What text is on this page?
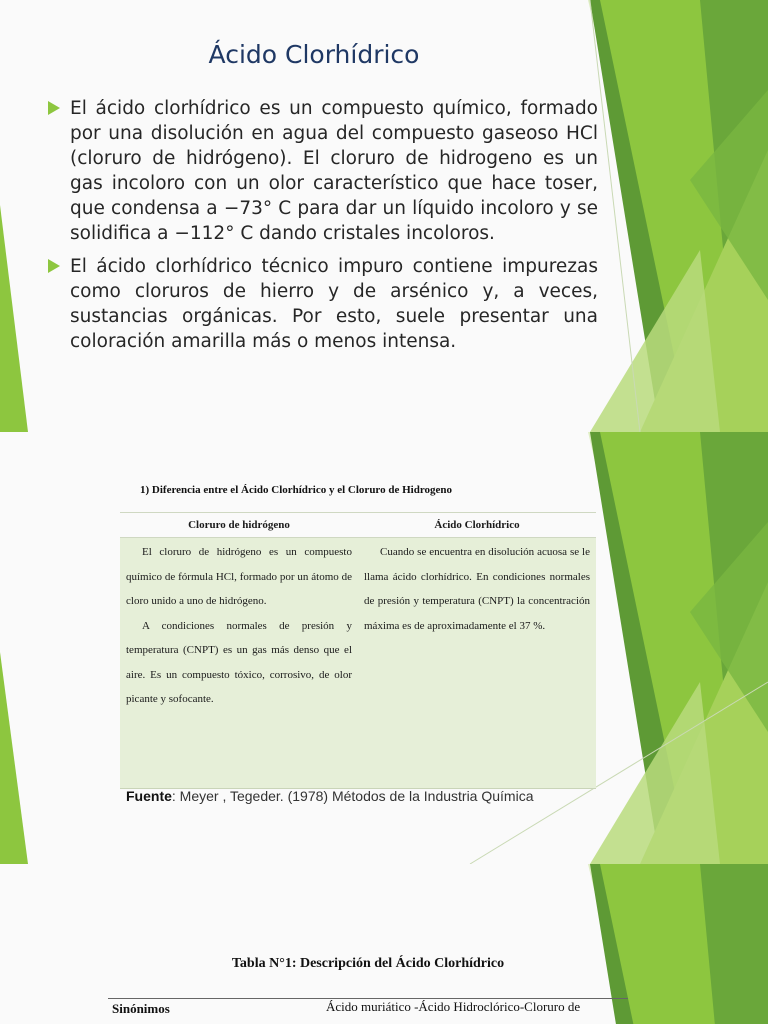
Ácido Clorhídrico
El ácido clorhídrico es un compuesto químico, formado por una disolución en agua del compuesto gaseoso HCl (cloruro de hidrógeno). El cloruro de hidrogeno es un gas incoloro con un olor característico que hace toser, que condensa a −73° C para dar un líquido incoloro y se solidifica a −112° C dando cristales incoloros.
El ácido clorhídrico técnico impuro contiene impurezas como cloruros de hierro y de arsénico y, a veces, sustancias orgánicas. Por esto, suele presentar una coloración amarilla más o menos intensa.
1) Diferencia entre el Ácido Clorhídrico y el Cloruro de Hidrogeno
Cloruro de hidrógeno	Ácido Clorhídrico

El cloruro de hidrógeno es un compuesto químico de fórmula HCl, formado por un átomo de cloro unido a uno de hidrógeno.

A condiciones normales de presión y temperatura (CNPT) es un gas más denso que el aire. Es un compuesto tóxico, corrosivo, de olor picante y sofocante.

Cuando se encuentra en disolución acuosa se le llama ácido clorhídrico. En condiciones normales de presión y temperatura (CNPT) la concentración máxima es de aproximadamente el 37 %.

Fuente: Meyer , Tegeder. (1978) Métodos de la Industria Química
Tabla N°1: Descripción del Ácido Clorhídrico
Sinónimos	Ácido muriático -Ácido Hidroclórico-Cloruro de
